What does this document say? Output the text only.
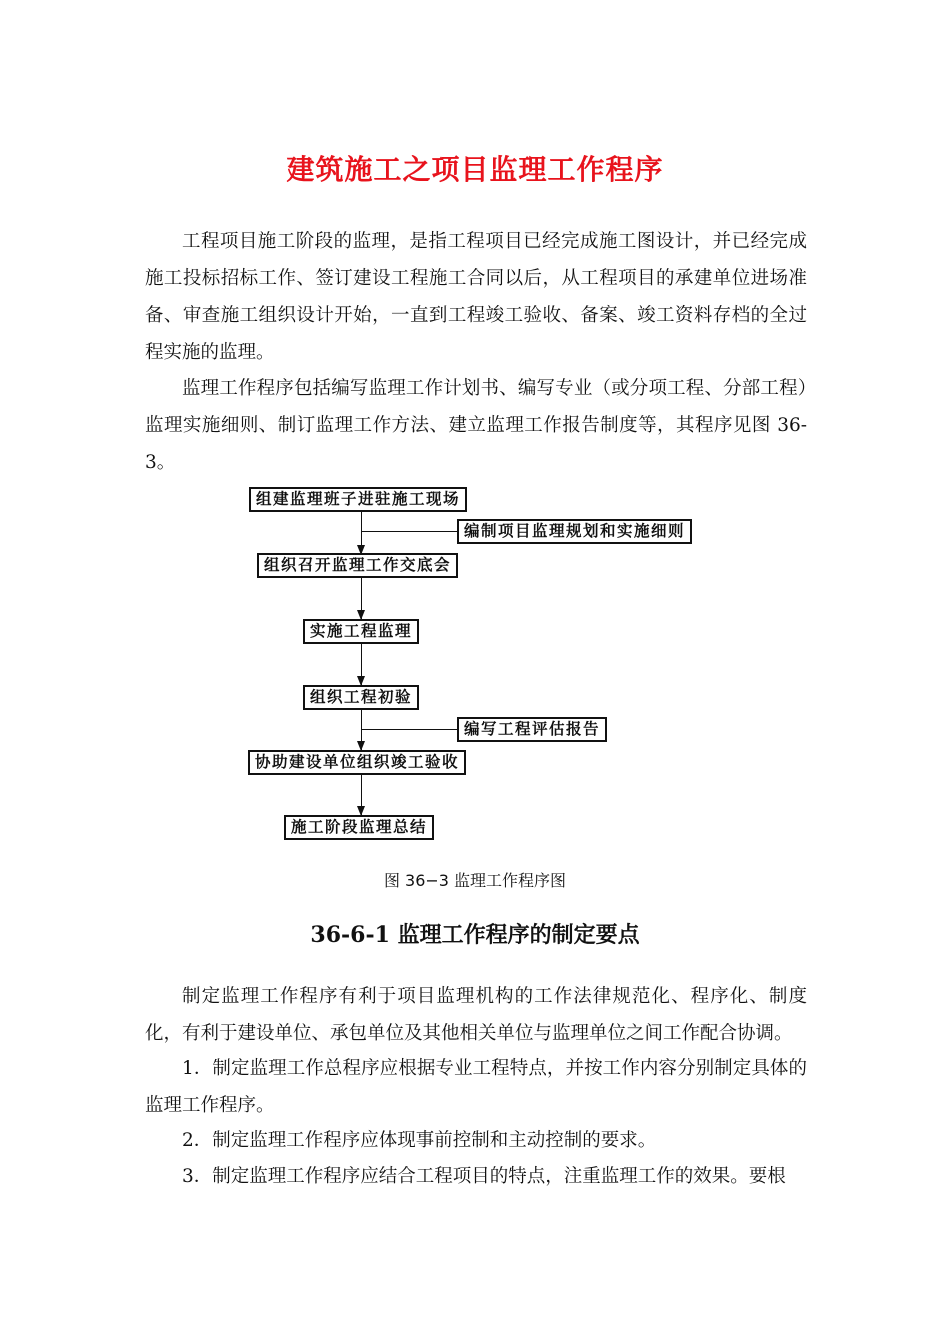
建筑施工之项目监理工作程序

工程项目施工阶段的监理，是指工程项目已经完成施工图设计，并已经完成施工投标招标工作、签订建设工程施工合同以后，从工程项目的承建单位进场准备、审查施工组织设计开始，一直到工程竣工验收、备案、竣工资料存档的全过程实施的监理。

监理工作程序包括编写监理工作计划书、编写专业（或分项工程、分部工程）监理实施细则、制订监理工作方法、建立监理工作报告制度等，其程序见图 36-3。

组建监理班子进驻施工现场
组织召开监理工作交底会
实施工程监理
组织工程初验
协助建设单位组织竣工验收
施工阶段监理总结
编制项目监理规划和实施细则
编写工程评估报告
图 36−3 监理工作程序图
36-6-1 监理工作程序的制定要点

制定监理工作程序有利于项目监理机构的工作法律规范化、程序化、制度化，有利于建设单位、承包单位及其他相关单位与监理单位之间工作配合协调。

1．制定监理工作总程序应根据专业工程特点，并按工作内容分别制定具体的监理工作程序。

2．制定监理工作程序应体现事前控制和主动控制的要求。

3．制定监理工作程序应结合工程项目的特点，注重监理工作的效果。要根
